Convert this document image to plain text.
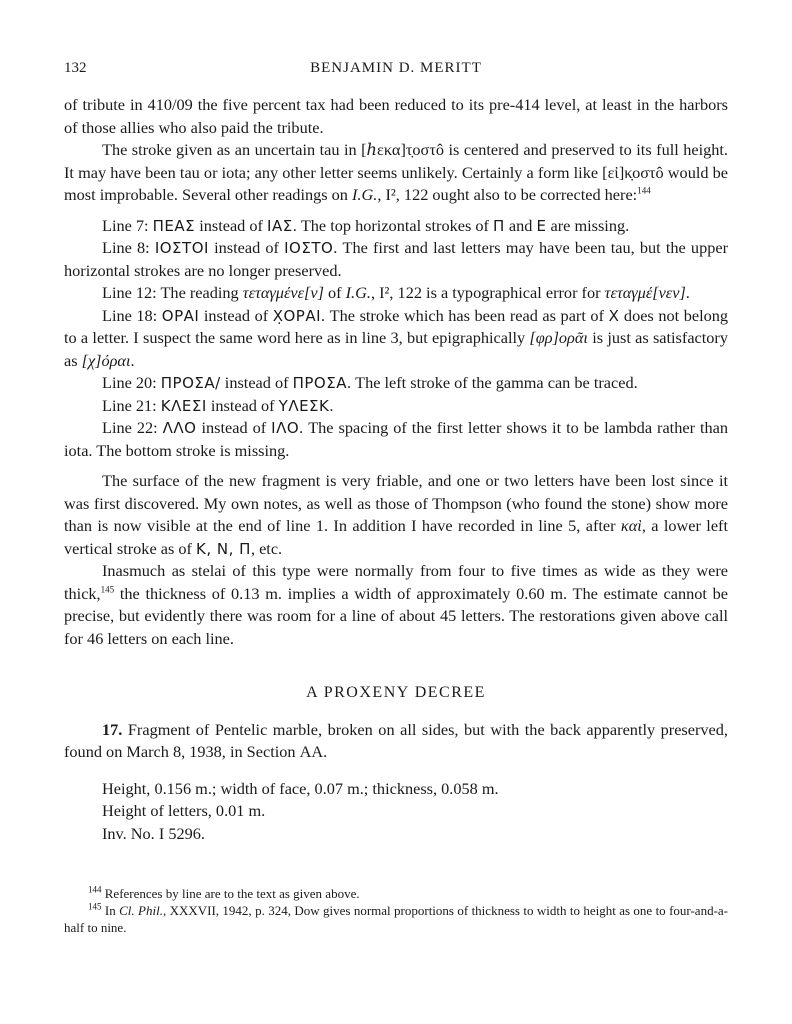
132	BENJAMIN D. MERITT

of tribute in 410/09 the five percent tax had been reduced to its pre-414 level, at least in the harbors of those allies who also paid the tribute.

The stroke given as an uncertain tau in [ℎεκα]τ̣οστô is centered and preserved to its full height. It may have been tau or iota; any other letter seems unlikely. Certainly a form like [εἰ]κ̣οστô would be most improbable. Several other readings on I.G., I², 122 ought also to be corrected here:$^{144}$

Line 7: ΠΕΑΣ instead of ΙΑΣ. The top horizontal strokes of Π and Ε are missing.

Line 8: ΙΟΣΤΟΙ instead of ΙΟΣΤΟ. The first and last letters may have been tau, but the upper horizontal strokes are no longer preserved.

Line 12: The reading τεταγμένε[ν] of I.G., I², 122 is a typographical error for τεταγμέ[νεν].

Line 18: ΟΡΑΙ instead of Χ̣ΟΡΑΙ. The stroke which has been read as part of Χ does not belong to a letter. I suspect the same word here as in line 3, but epigraphically [φρ]ορᾶι is just as satisfactory as [χ]όραι.

Line 20: ΠΡΟΣΑ/ instead of ΠΡΟΣΑ. The left stroke of the gamma can be traced.

Line 21: ΚΛΕΣΙ instead of ΥΛΕΣΚ.

Line 22: ΛΛΟ instead of ΙΛΟ. The spacing of the first letter shows it to be lambda rather than iota. The bottom stroke is missing.

The surface of the new fragment is very friable, and one or two letters have been lost since it was first discovered. My own notes, as well as those of Thompson (who found the stone) show more than is now visible at the end of line 1. In addition I have recorded in line 5, after καὶ, a lower left vertical stroke as of Κ, Ν, Π, etc.

Inasmuch as stelai of this type were normally from four to five times as wide as they were thick,$^{145}$ the thickness of 0.13 m. implies a width of approximately 0.60 m. The estimate cannot be precise, but evidently there was room for a line of about 45 letters. The restorations given above call for 46 letters on each line.

A PROXENY DECREE

17. Fragment of Pentelic marble, broken on all sides, but with the back apparently preserved, found on March 8, 1938, in Section ΑΑ.

Height, 0.156 m.; width of face, 0.07 m.; thickness, 0.058 m.
Height of letters, 0.01 m.
Inv. No. I 5296.

$^{144}$ References by line are to the text as given above.

$^{145}$ In Cl. Phil., XXXVII, 1942, p. 324, Dow gives normal proportions of thickness to width to height as one to four-and-a-half to nine.
